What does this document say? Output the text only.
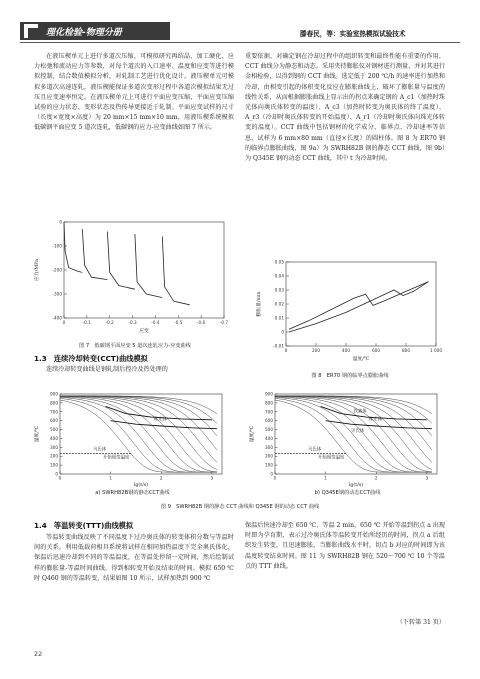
理化检验-物理分册	滕春民，等：实验室热模拟试验技术

在液压楔单元上进行多道次压缩，可模拟研究再结晶、加工硬化、应力松弛和流动应力等参数，对每个道次的入口速率、温度和应变等进行模拟控制，结合数值模拟分析，对轧制工艺进行优化设计。液压楔单元可模拟多道次高速连轧，液压楔能保证多道次变形过程中各道次模拟结果无过压且应变速率恒定。在液压楔单元上可进行平面应变压缩，平面应变压缩试验的应力状态、变形状态及热传导更接近于轧制。平面应变试样的尺寸（长度×宽度×高度）为 20 mm×15 mm×10 mm，用液压楔系统模拟低碳钢平面应变 5 道次连轧，低碳钢的应力-应变曲线如图 7 所示。

0
-100
-200
-300
-400
0	-0.1	-0.2	-0.3	-0.4	-0.5	-0.6	-0.7
应变
应力/MPa

图 7　低碳钢平面应变 5 道次连轧应力-应变曲线

1.3　连续冷却转变(CCT)曲线模拟

连续冷却转变曲线是钢轧制后控冷及热处理的

重要依据，对确定钢在冷却过程中的组织转变和最终性能有重要的作用，CCT 曲线分为静态和动态。采用夹持膨胀仪对钢材进行测量，并对其进行金相检验，以得到钢的 CCT 曲线。选定低于 200 ℃/h 的速率进行加热和冷却，由相变引起的体积变化反应在膨胀曲线上，破坏了膨胀量与温度的线性关系，从而根据膨胀曲线上显示出的拐点来确定钢的 A_c1（加热时珠光体向奥氏体转变的温度）、A_c3（加热时转变为奥氏体的终了温度）、A_r3（冷却时奥氏体转变的开始温度）、A_r1（冷却时奥氏体向珠光体转变的温度）。CCT 曲线中包括钢材的化学成分、临界点、冷却速率等信息，试样为 6 mm×80 mm（直径×长度）的圆柱体。图 8 为 ER70 钢的临界点膨胀曲线，图 9a）为 SWRH82B 钢的静态 CCT 曲线，图 9b）为 Q345E 钢的动态 CCT 曲线，其中 t 为冷却时间。

-0.01
0
0.01
0.02
0.03
0.04
0.05
0	200	400	600	800	1 000
温度/℃
膨胀量/mm

图 8　ER70 钢的临界点膨胀曲线

0
100
200
300
400
500
600
700
800
900
0	1	2	3
lg(t/s)
温度/℃
珠光体
马氏体
开始相变温度

a) SWRH82B钢的静态CCT曲线

0
100
200
300
400
500
600
700
800
900
0	1	2	3
lg(t/s)
温度/℃
铁素体
珠光体
贝氏体
马氏体
开始相变温度

b) Q345E钢的动态CCT曲线

图 9　SWRH82B 钢的静态 CCT 曲线和 Q345E 钢的动态 CCT 曲线

1.4　等温转变(TTT)曲线模拟

等温转变曲线反映了不同温度下过冷奥氏体的转变体积分数与等温时间的关系。利用低载荷相具系统将试样在相同加热温度下完全奥氏体化，保温后迅速冷却到不同的等温温度，在等温处停留一定时间，然后绘制试样的膨胀量-等温时间曲线，得到相转变开始及结束的时间。模拟 650 ℃ 时 Q460 钢的等温转变，结果如图 10 所示，试样加热到 900 ℃

保温后快速冷却至 650 ℃，等温 2 min，650 ℃ 开始等温到拐点 a 出现时即为孕育期，表示过冷奥氏体等温转变开始所经历的时间，拐点 a 后组织发生转变，且迅速膨胀，当膨胀曲线水平时，切点 b 对应的时间即为该温度转变结束时间。图 11 为 SWRH82B 钢在 520～700 ℃ 10 个等温点的 TTT 曲线。

（下转第 31 页）

22
